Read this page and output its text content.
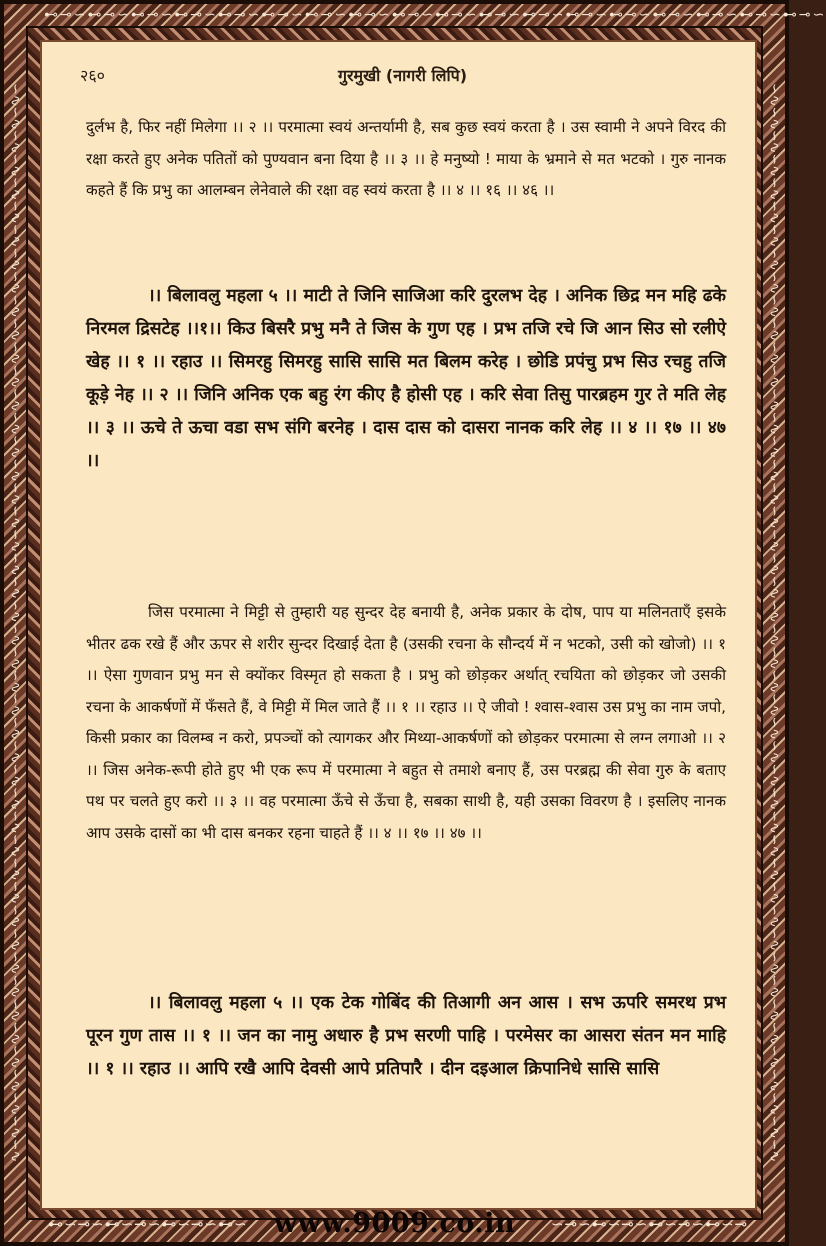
⊷⊸∽⊷⊸∽⊷⊸∽⊷⊸∽⊷⊸∽⊷⊸∽⊷⊸∽⊷⊸∽⊷⊸∽⊷⊸∽⊷⊸∽⊷⊸∽⊷⊸∽⊷⊸∽⊷⊸∽⊷⊸∽⊷⊸∽⊷⊸∽
∽∿∽∿∽∿∽∿∽∿∽∿∽∿∽∿∽∿∽∿∽∿∽∿∽∿∽∿∽∿∽∿∽∿∽∿∽∿∽∿∽∿∽∿∽∿∽∿∽∿∽∿∽∿∽∿∽∿∽∿∽∿∽∿∽∿∽∿∽∿∽∿∽∿∽∿∽∿∽∿∽∿∽∿∽∿∽∿∽∿∽∿	∽∿∽∿∽∿∽∿∽∿∽∿∽∿∽∿∽∿∽∿∽∿∽∿∽∿∽∿∽∿∽∿∽∿∽∿∽∿∽∿∽∿∽∿∽∿∽∿∽∿∽∿∽∿∽∿∽∿∽∿∽∿∽∿∽∿∽∿∽∿∽∿∽∿∽∿∽∿∽∿∽∿∽∿∽∿∽∿∽∿∽∿
२६०	गुरमुखी (नागरी लिपि)

दुर्लभ है, फिर नहीं मिलेगा ।। २ ।। परमात्मा स्वयं अन्तर्यामी है, सब कुछ स्वयं करता है । उस स्वामी ने अपने विरद की रक्षा करते हुए अनेक पतितों को पुण्यवान बना दिया है ।। ३ ।। हे मनुष्यो ! माया के भ्रमाने से मत भटको । गुरु नानक कहते हैं कि प्रभु का आलम्बन लेनेवाले की रक्षा वह स्वयं करता है ।। ४ ।। १६ ।। ४६ ।।

।। बिलावलु महला ५ ।। माटी ते जिनि साजिआ करि दुरलभ देह । अनिक छिद्र मन महि ढके निरमल द्रिसटेह ।।१।। किउ बिसरै प्रभु मनै ते जिस के गुण एह । प्रभ तजि रचे जि आन सिउ सो रलीऐ खेह ।। १ ।। रहाउ ।। सिमरहु सिमरहु सासि सासि मत बिलम करेह । छोडि प्रपंचु प्रभ सिउ रचहु तजि कूड़े नेह ।। २ ।। जिनि अनिक एक बहु रंग कीए है होसी एह । करि सेवा तिसु पारब्रहम गुर ते मति लेह ।। ३ ।। ऊचे ते ऊचा वडा सभ संगि बरनेह । दास दास को दासरा नानक करि लेह ।। ४ ।। १७ ।। ४७ ।।

जिस परमात्मा ने मिट्टी से तुम्हारी यह सुन्दर देह बनायी है, अनेक प्रकार के दोष, पाप या मलिनताएँ इसके भीतर ढक रखे हैं और ऊपर से शरीर सुन्दर दिखाई देता है (उसकी रचना के सौन्दर्य में न भटको, उसी को खोजो) ।। १ ।। ऐसा गुणवान प्रभु मन से क्योंकर विस्मृत हो सकता है । प्रभु को छोड़कर अर्थात् रचयिता को छोड़कर जो उसकी रचना के आकर्षणों में फँसते हैं, वे मिट्टी में मिल जाते हैं ।। १ ।। रहाउ ।। ऐ जीवो ! श्वास-श्वास उस प्रभु का नाम जपो, किसी प्रकार का विलम्ब न करो, प्रपञ्चों को त्यागकर और मिथ्या-आकर्षणों को छोड़कर परमात्मा से लग्न लगाओ ।। २ ।। जिस अनेक-रूपी होते हुए भी एक रूप में परमात्मा ने बहुत से तमाशे बनाए हैं, उस परब्रह्म की सेवा गुरु के बताए पथ पर चलते हुए करो ।। ३ ।। वह परमात्मा ऊँचे से ऊँचा है, सबका साथी है, यही उसका विवरण है । इसलिए नानक आप उसके दासों का भी दास बनकर रहना चाहते हैं ।। ४ ।। १७ ।। ४७ ।।

।। बिलावलु महला ५ ।। एक टेक गोबिंद की तिआगी अन आस । सभ ऊपरि समरथ प्रभ पूरन गुण तास ।। १ ।। जन का नामु अधारु है प्रभ सरणी पाहि । परमेसर का आसरा संतन मन माहि ।। १ ।। रहाउ ।। आपि रखै आपि देवसी आपे प्रतिपारै । दीन दइआल क्रिपानिधे सासि सासि

⊷∽⊸∽⊷∽⊸∽⊷∽⊸∽⊷∽ www.9009.co.in	∽⊸∽⊷∽⊸∽⊷∽⊸∽⊷∽⊸
